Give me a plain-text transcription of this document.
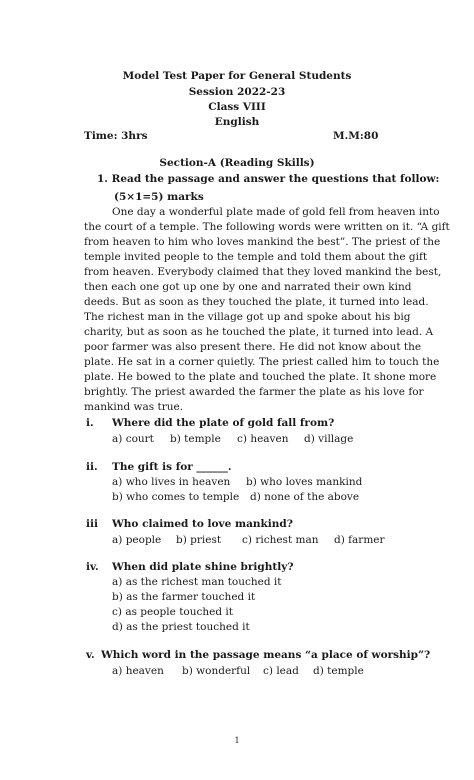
Model Test Paper for General Students
Session 2022-23
Class VIII
English
Time: 3hrs	M.M:80
Section-A (Reading Skills)
1. Read the passage and answer the questions that follow:
(5×1=5) marks
One day a wonderful plate made of gold fell from heaven into
the court of a temple. The following words were written on it. “A gift
from heaven to him who loves mankind the best”. The priest of the
temple invited people to the temple and told them about the gift
from heaven. Everybody claimed that they loved mankind the best,
then each one got up one by one and narrated their own kind
deeds. But as soon as they touched the plate, it turned into lead.
The richest man in the village got up and spoke about his big
charity, but as soon as he touched the plate, it turned into lead. A
poor farmer was also present there. He did not know about the
plate. He sat in a corner quietly. The priest called him to touch the
plate. He bowed to the plate and touched the plate. It shone more
brightly. The priest awarded the farmer the plate as his love for
mankind was true.
i. Where did the plate of gold fall from?
a) court b) temple c) heaven d) village
ii. The gift is for ______.
a) who lives in heaven b) who loves mankind
b) who comes to temple d) none of the above
iii Who claimed to love mankind?
a) people b) priest c) richest man d) farmer
iv. When did plate shine brightly?
a) as the richest man touched it
b) as the farmer touched it
c) as people touched it
d) as the priest touched it
v. Which word in the passage means “a place of worship”?
a) heaven b) wonderful c) lead d) temple
1
